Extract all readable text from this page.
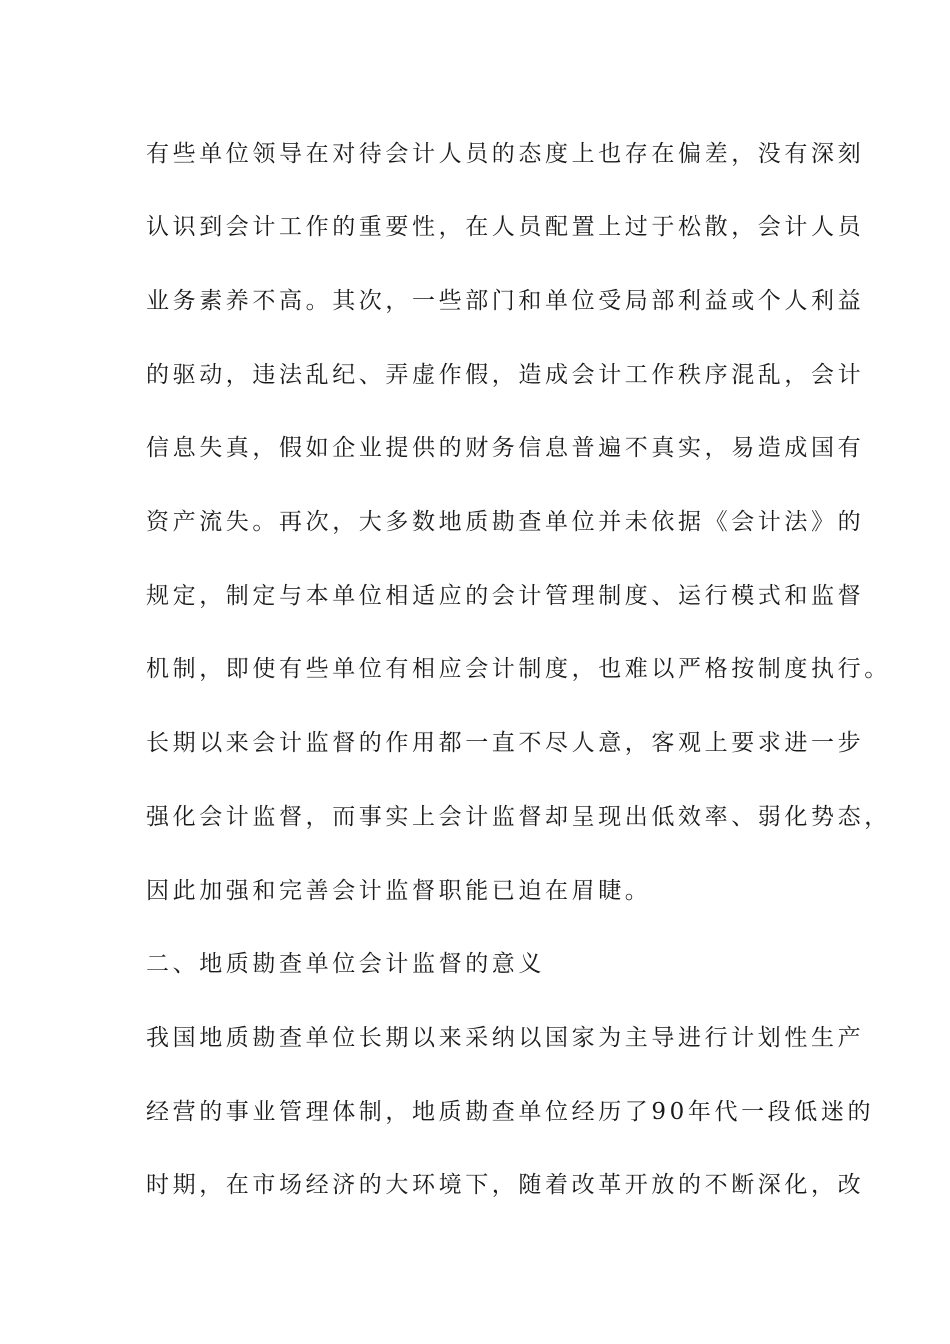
有些单位领导在对待会计人员的态度上也存在偏差，没有深刻
认识到会计工作的重要性，在人员配置上过于松散，会计人员
业务素养不高。其次，一些部门和单位受局部利益或个人利益
的驱动，违法乱纪、弄虚作假，造成会计工作秩序混乱，会计
信息失真，假如企业提供的财务信息普遍不真实，易造成国有
资产流失。再次，大多数地质勘查单位并未依据《会计法》的
规定，制定与本单位相适应的会计管理制度、运行模式和监督
机制，即使有些单位有相应会计制度，也难以严格按制度执行。
长期以来会计监督的作用都一直不尽人意，客观上要求进一步
强化会计监督，而事实上会计监督却呈现出低效率、弱化势态，
因此加强和完善会计监督职能已迫在眉睫。
二、地质勘查单位会计监督的意义
我国地质勘查单位长期以来采纳以国家为主导进行计划性生产
经营的事业管理体制，地质勘查单位经历了90年代一段低迷的
时期，在市场经济的大环境下，随着改革开放的不断深化，改
